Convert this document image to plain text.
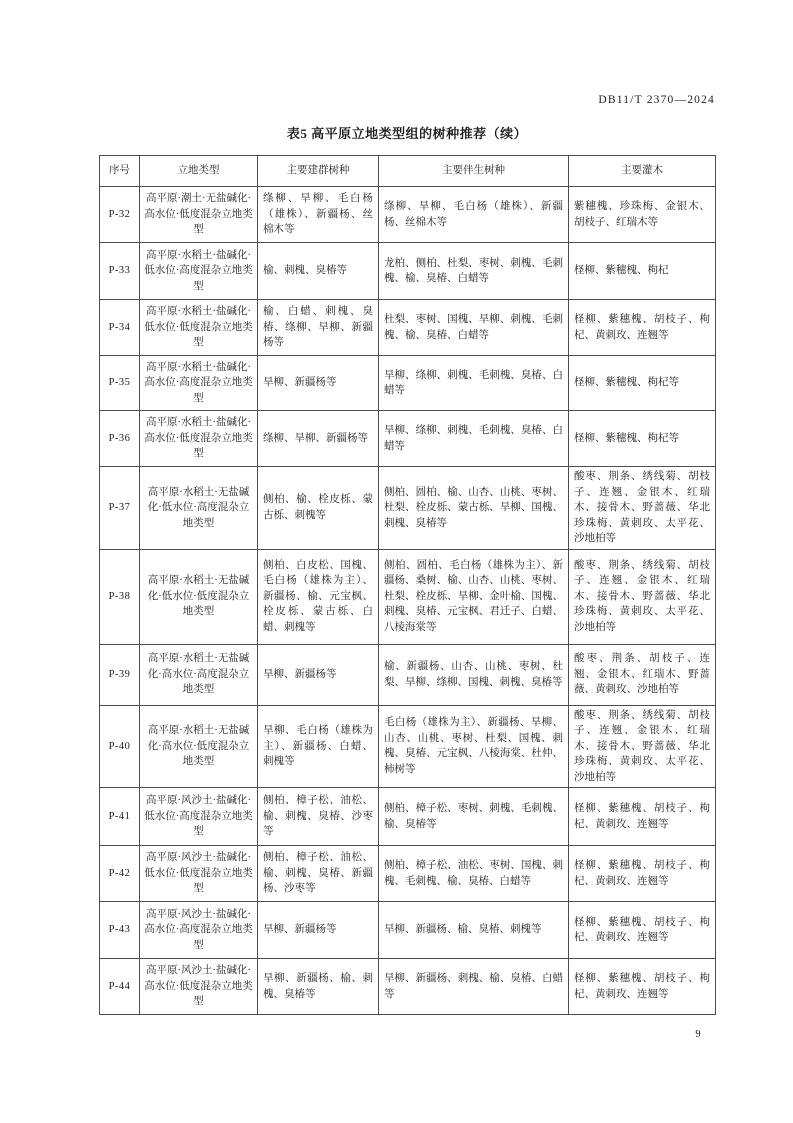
DB11/T 2370—2024
表5 高平原立地类型组的树种推荐（续）
序号	立地类型	主要建群树种	主要伴生树种	主要灌木
P-32	高平原·潮土·无盐碱化·高水位·低度混杂立地类型	绦柳、旱柳、毛白杨（雄株）、新疆杨、丝棉木等	绦柳、旱柳、毛白杨（雄株）、新疆杨、丝棉木等	紫穗槐、珍珠梅、金银木、胡枝子、红瑞木等
P-33	高平原·水稻土·盐碱化·低水位·高度混杂立地类型	榆、刺槐、臭椿等	龙柏、侧柏、杜梨、枣树、刺槐、毛刺槐、榆、臭椿、白蜡等	柽柳、紫穗槐、枸杞
P-34	高平原·水稻土·盐碱化·低水位·低度混杂立地类型	榆、白蜡、刺槐、臭椿、绦柳、旱柳、新疆杨等	杜梨、枣树、国槐、旱柳、刺槐、毛刺槐、榆、臭椿、白蜡等	柽柳、紫穗槐、胡枝子、枸杞、黄刺玫、连翘等
P-35	高平原·水稻土·盐碱化·高水位·高度混杂立地类型	旱柳、新疆杨等	旱柳、绦柳、刺槐、毛刺槐、臭椿、白蜡等	柽柳、紫穗槐、枸杞等
P-36	高平原·水稻土·盐碱化·高水位·低度混杂立地类型	绦柳、旱柳、新疆杨等	旱柳、绦柳、刺槐、毛刺槐、臭椿、白蜡等	柽柳、紫穗槐、枸杞等
P-37	高平原·水稻土·无盐碱化·低水位·高度混杂立地类型	侧柏、榆、栓皮栎、蒙古栎、刺槐等	侧柏、圆柏、榆、山杏、山桃、枣树、杜梨、栓皮栎、蒙古栎、旱柳、国槐、刺槐、臭椿等	酸枣、荆条、绣线菊、胡枝子、连翘、金银木、红瑞木、接骨木、野蔷薇、华北珍珠梅、黄刺玫、太平花、沙地柏等
P-38	高平原·水稻土·无盐碱化·低水位·低度混杂立地类型	侧柏、白皮松、国槐、毛白杨（雄株为主）、新疆杨、榆、元宝枫、栓皮栎、蒙古栎、白蜡、刺槐等	侧柏、圆柏、毛白杨（雄株为主）、新疆杨、桑树、榆、山杏、山桃、枣树、杜梨、栓皮栎、旱柳、金叶榆、国槐、刺槐、臭椿、元宝枫、君迁子、白蜡、八棱海棠等	酸枣、荆条、绣线菊、胡枝子、连翘、金银木、红瑞木、接骨木、野蔷薇、华北珍珠梅、黄刺玫、太平花、沙地柏等
P-39	高平原·水稻土·无盐碱化·高水位·高度混杂立地类型	旱柳、新疆杨等	榆、新疆杨、山杏、山桃、枣树、杜梨、旱柳、绦柳、国槐、刺槐、臭椿等	酸枣、荆条、胡枝子、连翘、金银木、红瑞木、野蔷薇、黄刺玫、沙地柏等
P-40	高平原·水稻土·无盐碱化·高水位·低度混杂立地类型	旱柳、毛白杨（雄株为主）、新疆杨、白蜡、刺槐等	毛白杨（雄株为主）、新疆杨、旱柳、山杏、山桃、枣树、杜梨、国槐、刺槐、臭椿、元宝枫、八棱海棠、杜仲、柿树等	酸枣、荆条、绣线菊、胡枝子、连翘、金银木、红瑞木、接骨木、野蔷薇、华北珍珠梅、黄刺玫、太平花、沙地柏等
P-41	高平原·风沙土·盐碱化·低水位·高度混杂立地类型	侧柏、樟子松、油松、榆、刺槐、臭椿、沙枣等	侧柏、樟子松、枣树、刺槐、毛刺槐、榆、臭椿等	柽柳、紫穗槐、胡枝子、枸杞、黄刺玫、连翘等
P-42	高平原·风沙土·盐碱化·低水位·低度混杂立地类型	侧柏、樟子松、油松、榆、刺槐、臭椿、新疆杨、沙枣等	侧柏、樟子松、油松、枣树、国槐、刺槐、毛刺槐、榆、臭椿、白蜡等	柽柳、紫穗槐、胡枝子、枸杞、黄刺玫、连翘等
P-43	高平原·风沙土·盐碱化·高水位·高度混杂立地类型	旱柳、新疆杨等	旱柳、新疆杨、榆、臭椿、刺槐等	柽柳、紫穗槐、胡枝子、枸杞、黄刺玫、连翘等
P-44	高平原·风沙土·盐碱化·高水位·低度混杂立地类型	旱柳、新疆杨、榆、刺槐、臭椿等	旱柳、新疆杨、刺槐、榆、臭椿、白蜡等	柽柳、紫穗槐、胡枝子、枸杞、黄刺玫、连翘等
9
